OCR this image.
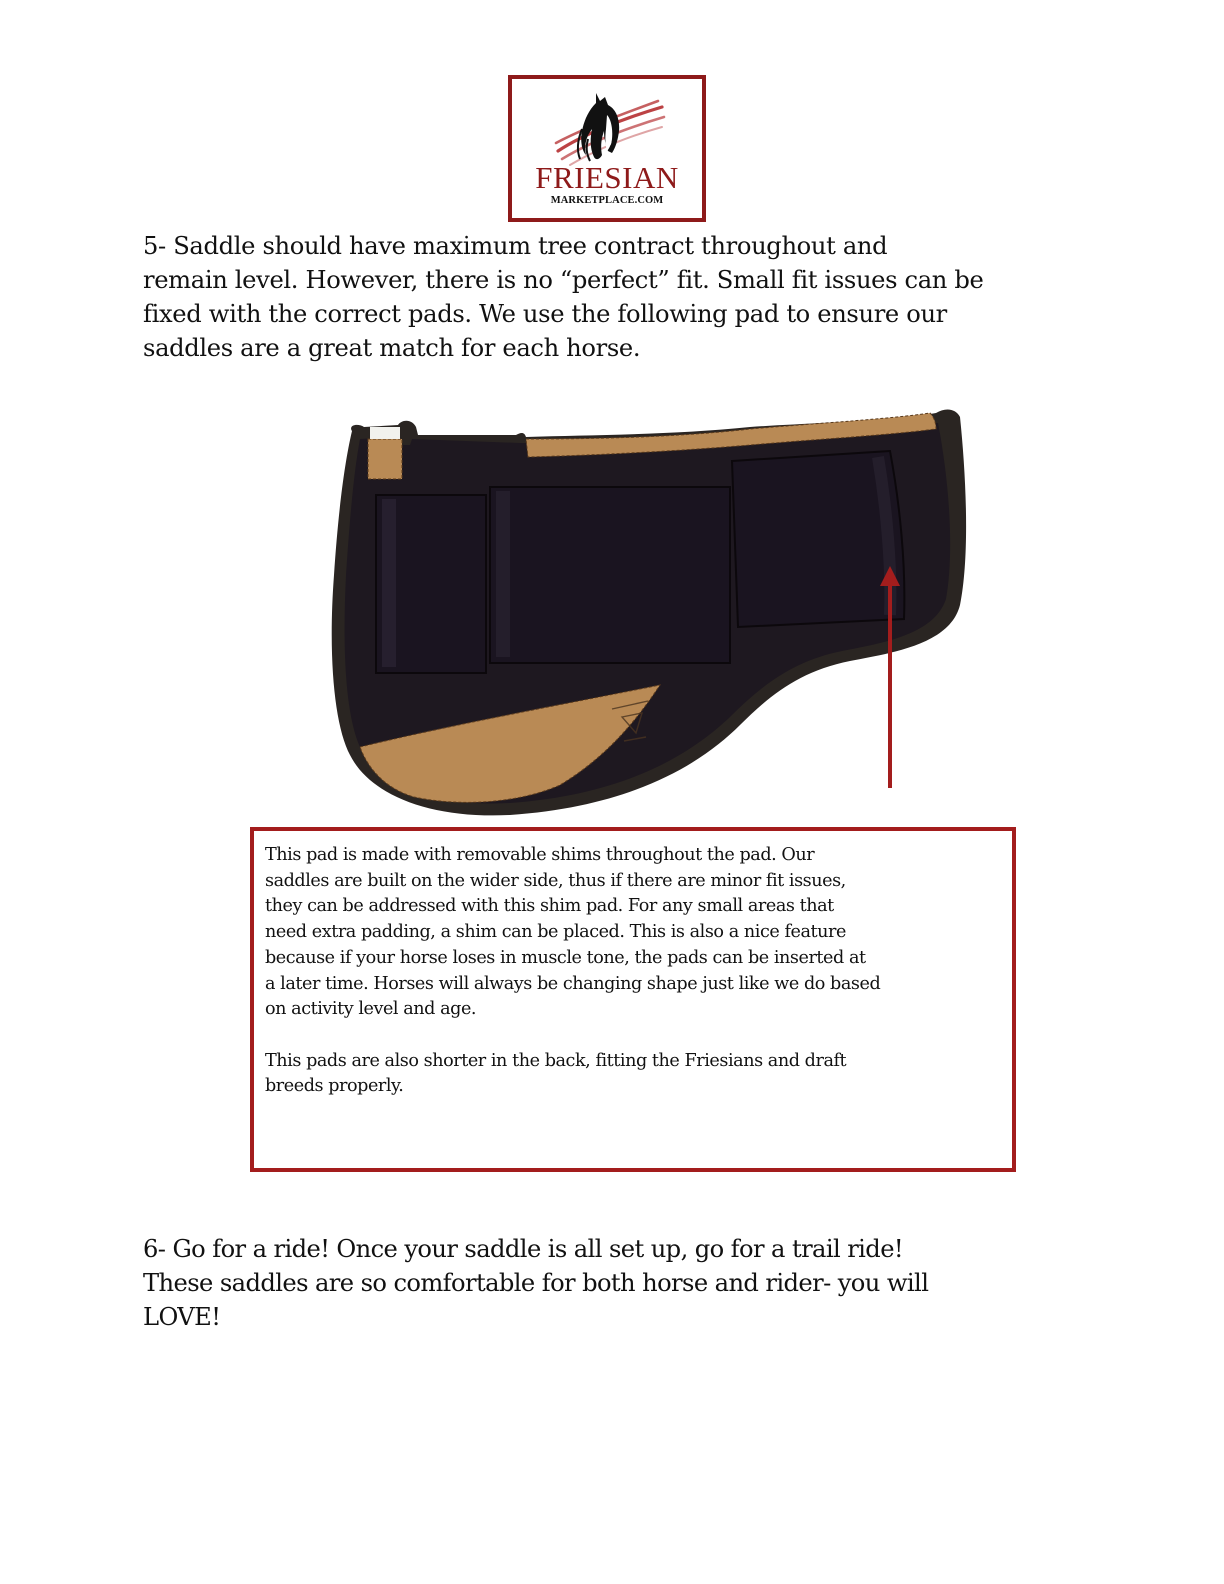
FRIESIAN
MARKETPLACE.COM

5- Saddle should have maximum tree contract throughout and
remain level. However, there is no “perfect” fit. Small fit issues can be
fixed with the correct pads. We use the following pad to ensure our
saddles are a great match for each horse.

This pad is made with removable shims throughout the pad. Our
saddles are built on the wider side, thus if there are minor fit issues,
they can be addressed with this shim pad. For any small areas that
need extra padding, a shim can be placed. This is also a nice feature
because if your horse loses in muscle tone, the pads can be inserted at
a later time. Horses will always be changing shape just like we do based
on activity level and age.
This pads are also shorter in the back, fitting the Friesians and draft
breeds properly.

6- Go for a ride! Once your saddle is all set up, go for a trail ride!
These saddles are so comfortable for both horse and rider- you will
LOVE!
